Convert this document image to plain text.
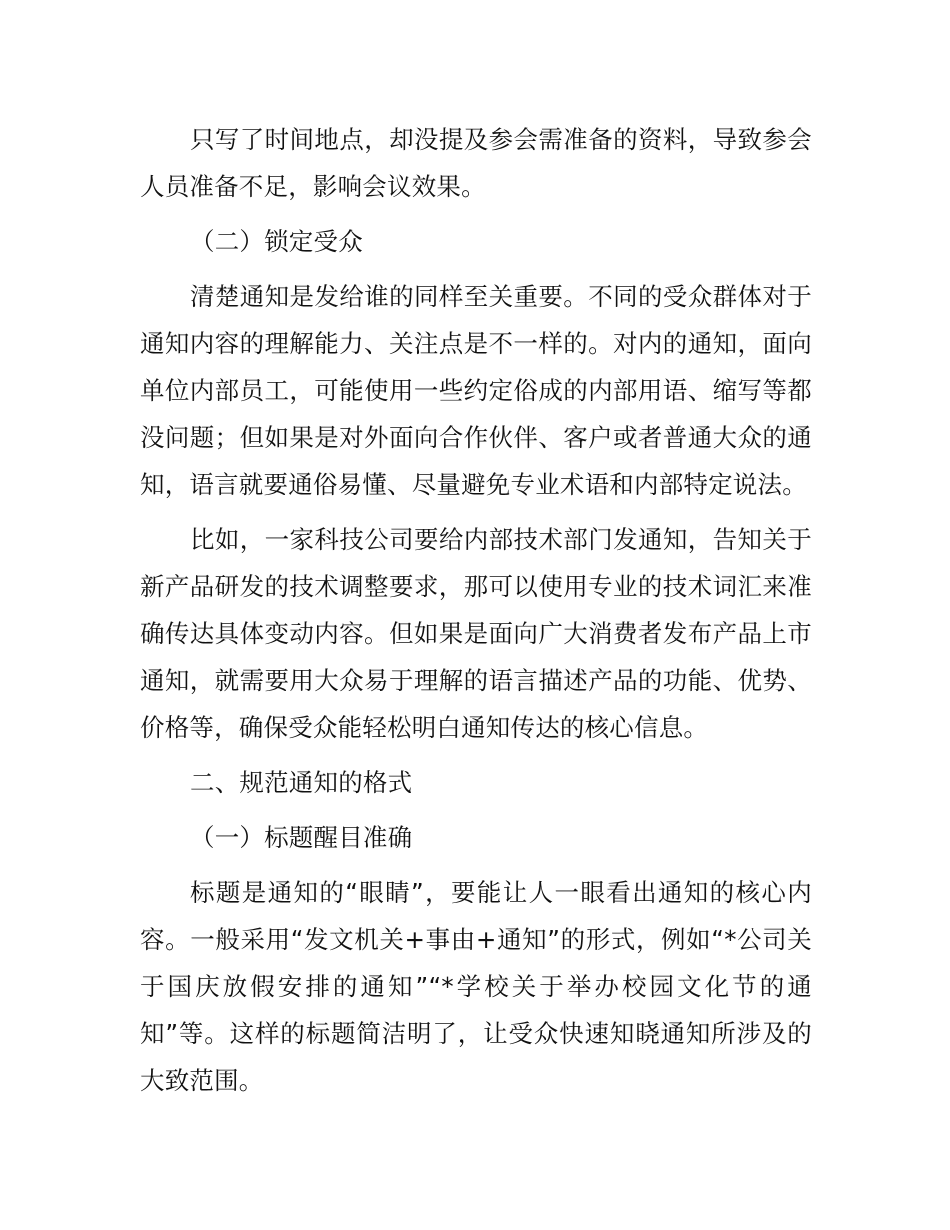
只写了时间地点，却没提及参会需准备的资料，导致参会人员准备不足，影响会议效果。

（二）锁定受众

清楚通知是发给谁的同样至关重要。不同的受众群体对于通知内容的理解能力、关注点是不一样的。对内的通知，面向单位内部员工，可能使用一些约定俗成的内部用语、缩写等都没问题；但如果是对外面向合作伙伴、客户或者普通大众的通知，语言就要通俗易懂、尽量避免专业术语和内部特定说法。

比如，一家科技公司要给内部技术部门发通知，告知关于新产品研发的技术调整要求，那可以使用专业的技术词汇来准确传达具体变动内容。但如果是面向广大消费者发布产品上市通知，就需要用大众易于理解的语言描述产品的功能、优势、价格等，确保受众能轻松明白通知传达的核心信息。

二、规范通知的格式

（一）标题醒目准确

标题是通知的“眼睛”，要能让人一眼看出通知的核心内容。一般采用“发文机关+事由+通知”的形式，例如“*公司关于国庆放假安排的通知”“*学校关于举办校园文化节的通知”等。这样的标题简洁明了，让受众快速知晓通知所涉及的大致范围。
